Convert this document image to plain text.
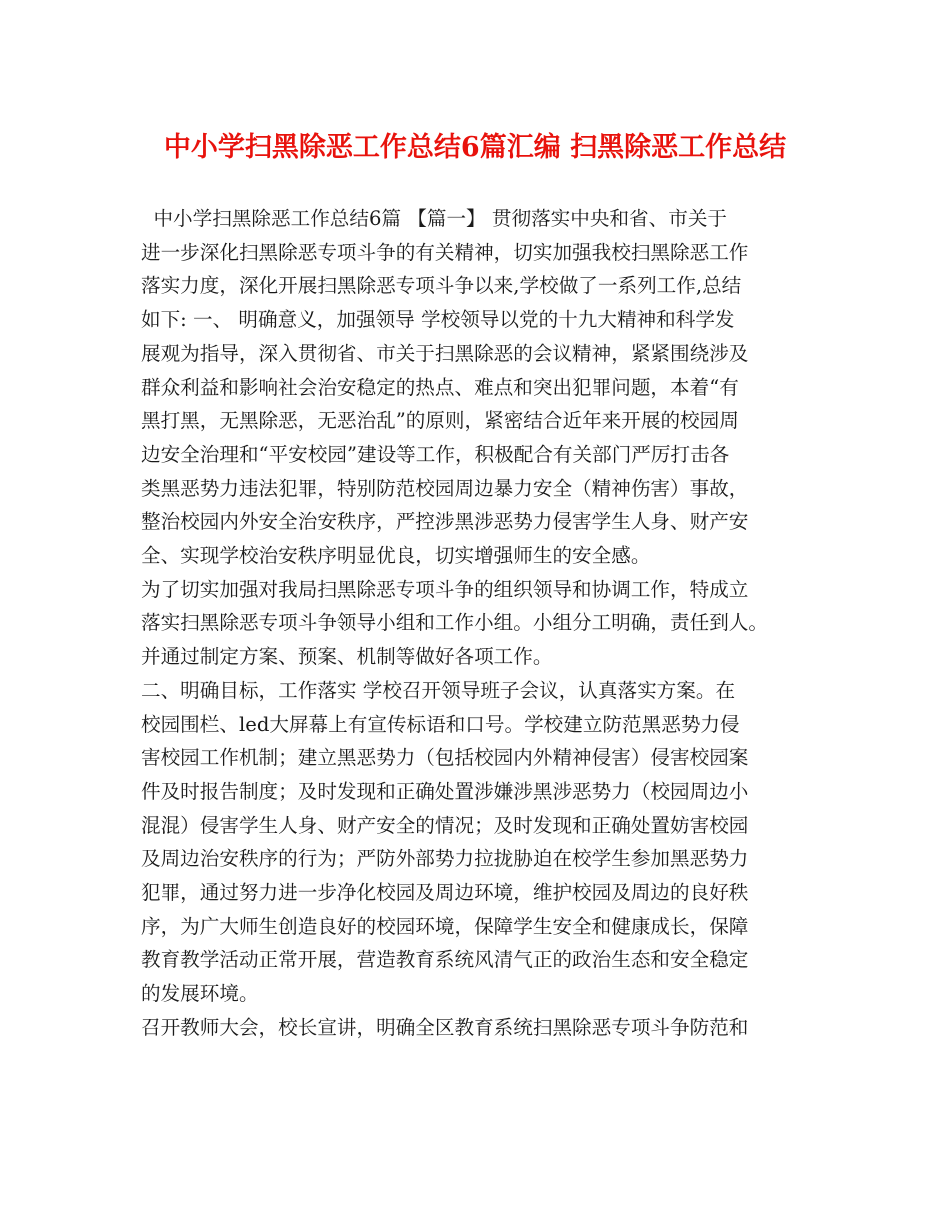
中小学扫黑除恶工作总结6篇汇编 扫黑除恶工作总结
中小学扫黑除恶工作总结6篇 【篇一】 贯彻落实中央和省、市关于
进一步深化扫黑除恶专项斗争的有关精神，切实加强我校扫黑除恶工作
落实力度，深化开展扫黑除恶专项斗争以来,学校做了一系列工作,总结
如下: 一、 明确意义，加强领导 学校领导以党的十九大精神和科学发
展观为指导，深入贯彻省、市关于扫黑除恶的会议精神，紧紧围绕涉及
群众利益和影响社会治安稳定的热点、难点和突出犯罪问题，本着“有
黑打黑，无黑除恶，无恶治乱”的原则，紧密结合近年来开展的校园周
边安全治理和“平安校园”建设等工作，积极配合有关部门严厉打击各
类黑恶势力违法犯罪，特别防范校园周边暴力安全（精神伤害）事故，
整治校园内外安全治安秩序，严控涉黑涉恶势力侵害学生人身、财产安
全、实现学校治安秩序明显优良，切实增强师生的安全感。
为了切实加强对我局扫黑除恶专项斗争的组织领导和协调工作，特成立
落实扫黑除恶专项斗争领导小组和工作小组。小组分工明确，责任到人。
并通过制定方案、预案、机制等做好各项工作。
二、明确目标，工作落实 学校召开领导班子会议，认真落实方案。在
校园围栏、led大屏幕上有宣传标语和口号。学校建立防范黑恶势力侵
害校园工作机制；建立黑恶势力（包括校园内外精神侵害）侵害校园案
件及时报告制度；及时发现和正确处置涉嫌涉黑涉恶势力（校园周边小
混混）侵害学生人身、财产安全的情况；及时发现和正确处置妨害校园
及周边治安秩序的行为；严防外部势力拉拢胁迫在校学生参加黑恶势力
犯罪，通过努力进一步净化校园及周边环境，维护校园及周边的良好秩
序，为广大师生创造良好的校园环境，保障学生安全和健康成长，保障
教育教学活动正常开展，营造教育系统风清气正的政治生态和安全稳定
的发展环境。
召开教师大会，校长宣讲，明确全区教育系统扫黑除恶专项斗争防范和
